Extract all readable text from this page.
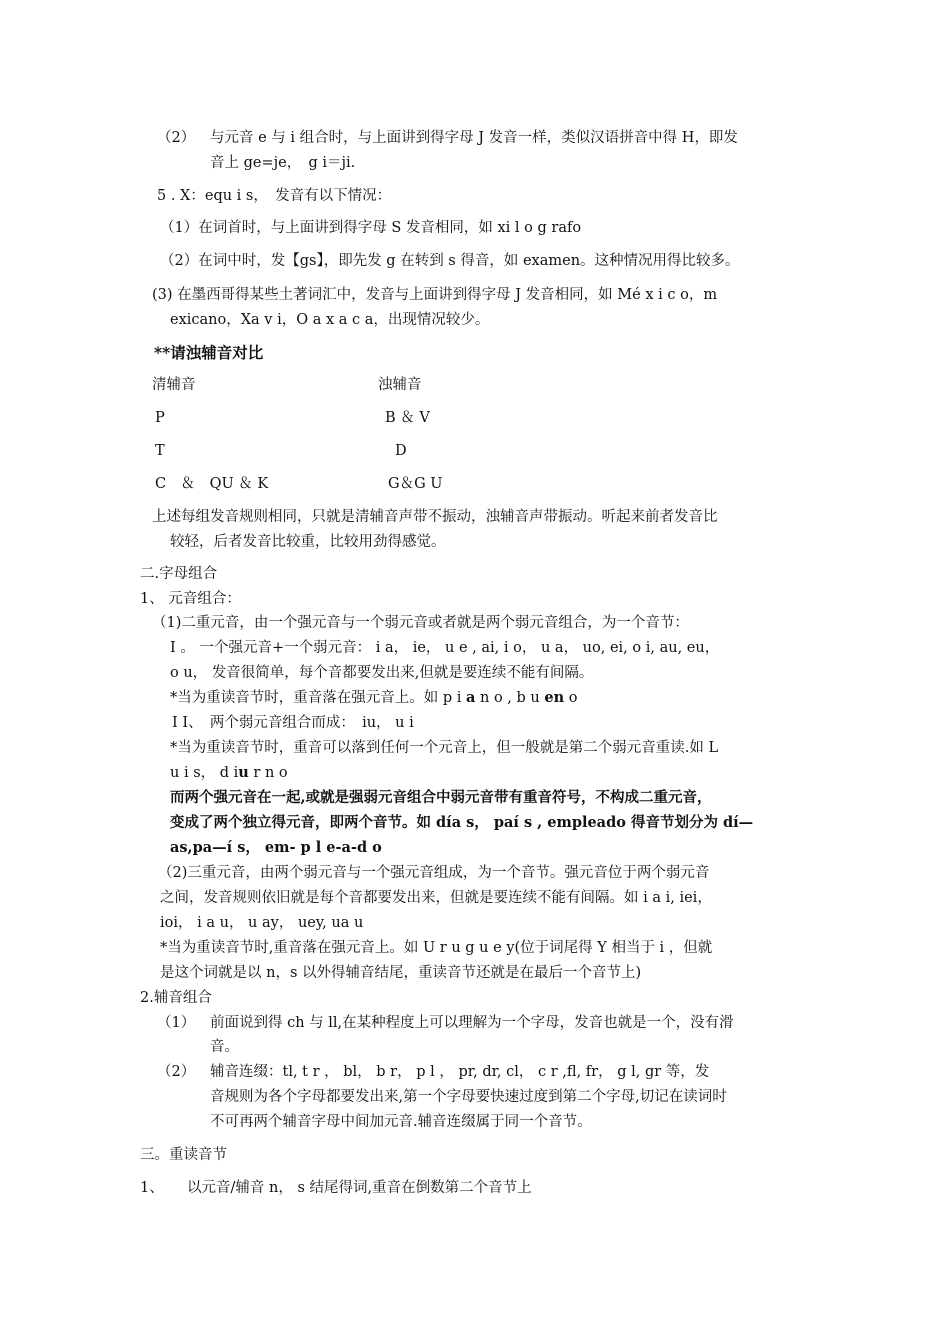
（2） 与元音 e 与 i 组合时，与上面讲到得字母 J 发音一样，类似汉语拼音中得 H，即发
音上 ge=je，　g i＝ji.
5 . X：equ i s，　发音有以下情况：
（1）在词首时，与上面讲到得字母 S 发音相同，如 xi l o g rafo
（2）在词中时，发【gs】，即先发 g 在转到 s 得音，如 examen。这种情况用得比较多。
(3) 在墨西哥得某些土著词汇中，发音与上面讲到得字母 J 发音相同，如 Mé x i c o，m
exicano，Xa v i，O a x a c a，出现情况较少。
**请浊辅音对比
清辅音	浊辅音
P	B ＆ V
T	D
C　＆　QU ＆ K	G＆G U
上述每组发音规则相同，只就是清辅音声带不振动，浊辅音声带振动。听起来前者发音比
较轻，后者发音比较重，比较用劲得感觉。
二.字母组合
1、 元音组合：
（1)二重元音，由一个强元音与一个弱元音或者就是两个弱元音组合，为一个音节：
I 。 一个强元音+一个弱元音： i a， ie， u e , ai, i o， u a， uo, ei, o i, au, eu，
o u， 发音很简单，每个音都要发出来,但就是要连续不能有间隔。
*当为重读音节时，重音落在强元音上。如 p i a n o , b u en o
I I、　两个弱元音组合而成：　iu， u i
*当为重读音节时，重音可以落到任何一个元音上，但一般就是第二个弱元音重读.如 L
u i s， d iu r n o
而两个强元音在一起,或就是强弱元音组合中弱元音带有重音符号，不构成二重元音，
变成了两个独立得元音，即两个音节。如 día s， paí s , empleado 得音节划分为 dí—
as,pa—í s， em- p l e-a-d o
（2)三重元音，由两个弱元音与一个强元音组成，为一个音节。强元音位于两个弱元音
之间，发音规则依旧就是每个音都要发出来，但就是要连续不能有间隔。如 i a i, iei，
ioi， i a u， u ay， uey, ua u
*当为重读音节时,重音落在强元音上。如 U r u g u e y(位于词尾得 Y 相当于 i ，但就
是这个词就是以 n，s 以外得辅音结尾，重读音节还就是在最后一个音节上)
2.辅音组合
（1） 前面说到得 ch 与 ll,在某种程度上可以理解为一个字母，发音也就是一个，没有滑
音。
（2） 辅音连缀：tl, t r ， bl， b r， p l ， pr, dr, cl， c r ,fl, fr， g l, gr 等，发
音规则为各个字母都要发出来,第一个字母要快速过度到第二个字母,切记在读词时
不可再两个辅音字母中间加元音.辅音连缀属于同一个音节。
三。重读音节
1、 以元音/辅音 n， s 结尾得词,重音在倒数第二个音节上
